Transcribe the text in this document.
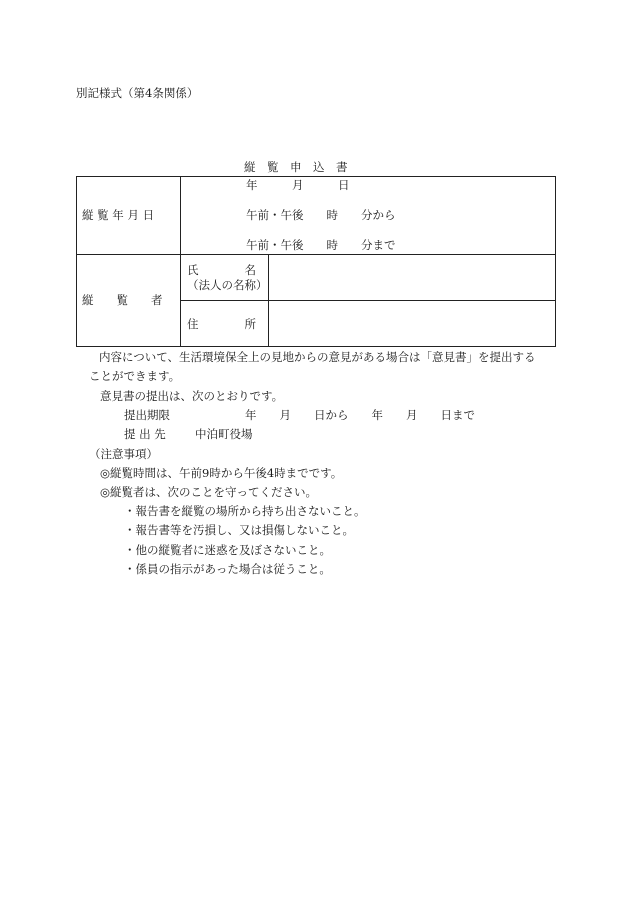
別記様式（第4条関係）
縦　覧　申　込　書
縦 覧 年 月 日
年　　　月　　　日
午前・午後　　時　　分から
午前・午後　　時　　分まで
縦　　覧　　者
氏　　　　名
（法人の名称）
住　　　　所
内容について、生活環境保全上の見地からの意見がある場合は「意見書」を提出する
ことができます。
意見書の提出は、次のとおりです。
提出期限	年　　月　　日から　　年　　月　　日まで
提 出 先	中泊町役場
（注意事項）
◎縦覧時間は、午前9時から午後4時までです。
◎縦覧者は、次のことを守ってください。
・報告書を縦覧の場所から持ち出さないこと。
・報告書等を汚損し、又は損傷しないこと。
・他の縦覧者に迷惑を及ぼさないこと。
・係員の指示があった場合は従うこと。
